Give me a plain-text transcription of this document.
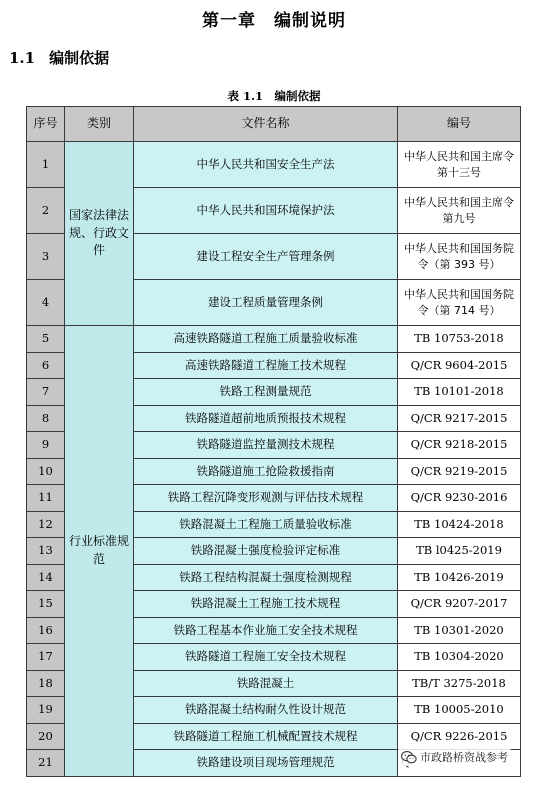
第一章　编制说明
1.1 编制依据
表 1.1　编制依据
序号	类别	文件名称	编号
1	国家法律法规、行政文件	中华人民共和国安全生产法	中华人民共和国主席令第十三号
2		中华人民共和国环境保护法	中华人民共和国主席令第九号
3		建设工程安全生产管理条例	中华人民共和国国务院令（第 393 号）
4		建设工程质量管理条例	中华人民共和国国务院令（第 714 号）
5	行业标准规范	高速铁路隧道工程施工质量验收标准	TB 10753-2018
6		高速铁路隧道工程施工技术规程	Q/CR 9604-2015
7		铁路工程测量规范	TB 10101-2018
8		铁路隧道超前地质预报技术规程	Q/CR 9217-2015
9		铁路隧道监控量测技术规程	Q/CR 9218-2015
10		铁路隧道施工抢险救援指南	Q/CR 9219-2015
11		铁路工程沉降变形观测与评估技术规程	Q/CR 9230-2016
12		铁路混凝土工程施工质量验收标准	TB 10424-2018
13		铁路混凝土强度检验评定标准	TB l0425-2019
14		铁路工程结构混凝土强度检测规程	TB 10426-2019
15		铁路混凝土工程施工技术规程	Q/CR 9207-2017
16		铁路工程基本作业施工安全技术规程	TB 10301-2020
17		铁路隧道工程施工安全技术规程	TB 10304-2020
18		铁路混凝土	TB/T 3275-2018
19		铁路混凝土结构耐久性设计规范	TB 10005-2010
20		铁路隧道工程施工机械配置技术规程	Q/CR 9226-2015
21		铁路建设项目现场管理规范		市政路桥资战参考
